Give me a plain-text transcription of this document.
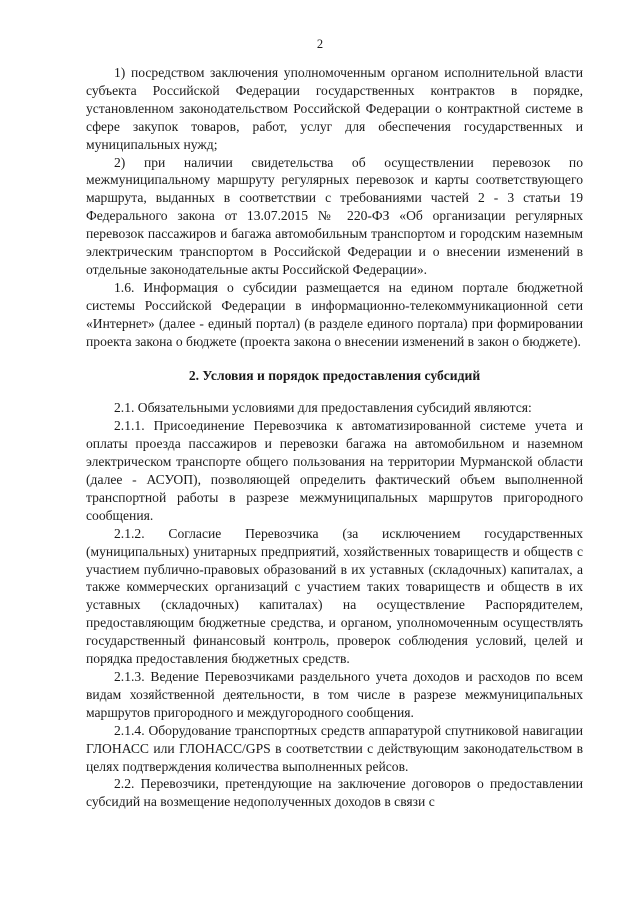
2

1) посредством заключения уполномоченным органом исполнительной власти субъекта Российской Федерации государственных контрактов в порядке, установленном законодательством Российской Федерации о контрактной системе в сфере закупок товаров, работ, услуг для обеспечения государственных и муниципальных нужд;

2) при наличии свидетельства об осуществлении перевозок по межмуниципальному маршруту регулярных перевозок и карты соответствующего маршрута, выданных в соответствии с требованиями частей 2 - 3 статьи 19 Федерального закона от 13.07.2015 № 220-ФЗ «Об организации регулярных перевозок пассажиров и багажа автомобильным транспортом и городским наземным электрическим транспортом в Российской Федерации и о внесении изменений в отдельные законодательные акты Российской Федерации».

1.6. Информация о субсидии размещается на едином портале бюджетной системы Российской Федерации в информационно-телекоммуникационной сети «Интернет» (далее - единый портал) (в разделе единого портала) при формировании проекта закона о бюджете (проекта закона о внесении изменений в закон о бюджете).

2. Условия и порядок предоставления субсидий

2.1. Обязательными условиями для предоставления субсидий являются:

2.1.1. Присоединение Перевозчика к автоматизированной системе учета и оплаты проезда пассажиров и перевозки багажа на автомобильном и наземном электрическом транспорте общего пользования на территории Мурманской области (далее - АСУОП), позволяющей определить фактический объем выполненной транспортной работы в разрезе межмуниципальных маршрутов пригородного сообщения.

2.1.2. Согласие Перевозчика (за исключением государственных (муниципальных) унитарных предприятий, хозяйственных товариществ и обществ с участием публично-правовых образований в их уставных (складочных) капиталах, а также коммерческих организаций с участием таких товариществ и обществ в их уставных (складочных) капиталах) на осуществление Распорядителем, предоставляющим бюджетные средства, и органом, уполномоченным осуществлять государственный финансовый контроль, проверок соблюдения условий, целей и порядка предоставления бюджетных средств.

2.1.3. Ведение Перевозчиками раздельного учета доходов и расходов по всем видам хозяйственной деятельности, в том числе в разрезе межмуниципальных маршрутов пригородного и междугородного сообщения.

2.1.4. Оборудование транспортных средств аппаратурой спутниковой навигации ГЛОНАСС или ГЛОНАСС/GPS в соответствии с действующим законодательством в целях подтверждения количества выполненных рейсов.

2.2. Перевозчики, претендующие на заключение договоров о предоставлении субсидий на возмещение недополученных доходов в связи с
